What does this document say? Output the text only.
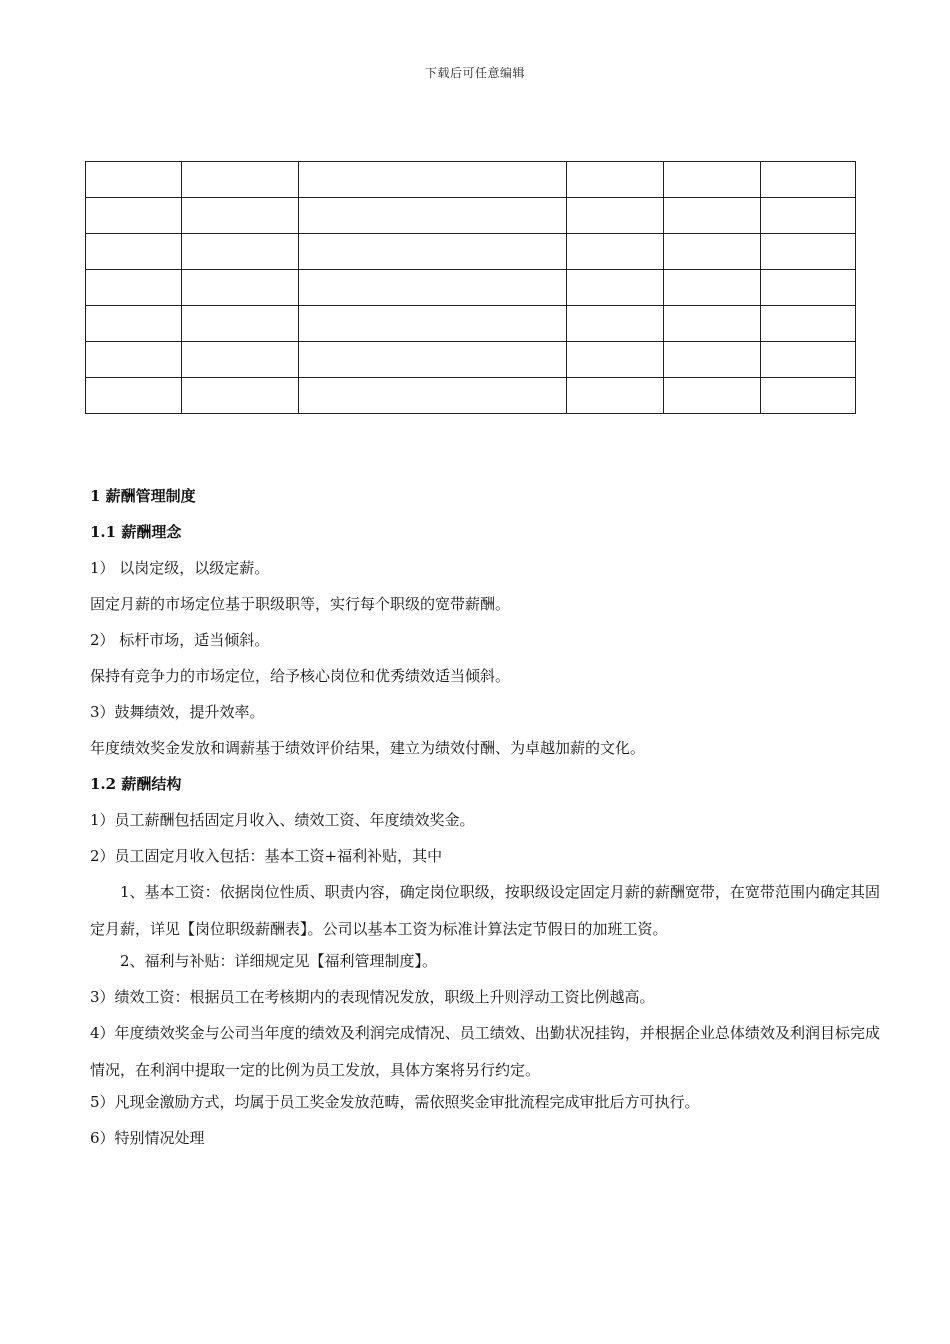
下载后可任意编辑

1 薪酬管理制度

1.1 薪酬理念

1） 以岗定级，以级定薪。

固定月薪的市场定位基于职级职等，实行每个职级的宽带薪酬。

2） 标杆市场，适当倾斜。

保持有竞争力的市场定位，给予核心岗位和优秀绩效适当倾斜。

3）鼓舞绩效，提升效率。

年度绩效奖金发放和调薪基于绩效评价结果，建立为绩效付酬、为卓越加薪的文化。

1.2 薪酬结构

1）员工薪酬包括固定月收入、绩效工资、年度绩效奖金。

2）员工固定月收入包括：基本工资+福利补贴，其中

1、基本工资：依据岗位性质、职责内容，确定岗位职级，按职级设定固定月薪的薪酬宽带，在宽带范围内确定其固定月薪，详见【岗位职级薪酬表】。公司以基本工资为标准计算法定节假日的加班工资。

2、福利与补贴：详细规定见【福利管理制度】。

3）绩效工资：根据员工在考核期内的表现情况发放，职级上升则浮动工资比例越高。

4）年度绩效奖金与公司当年度的绩效及利润完成情况、员工绩效、出勤状况挂钩，并根据企业总体绩效及利润目标完成情况，在利润中提取一定的比例为员工发放，具体方案将另行约定。

5）凡现金激励方式，均属于员工奖金发放范畴，需依照奖金审批流程完成审批后方可执行。

6）特别情况处理
